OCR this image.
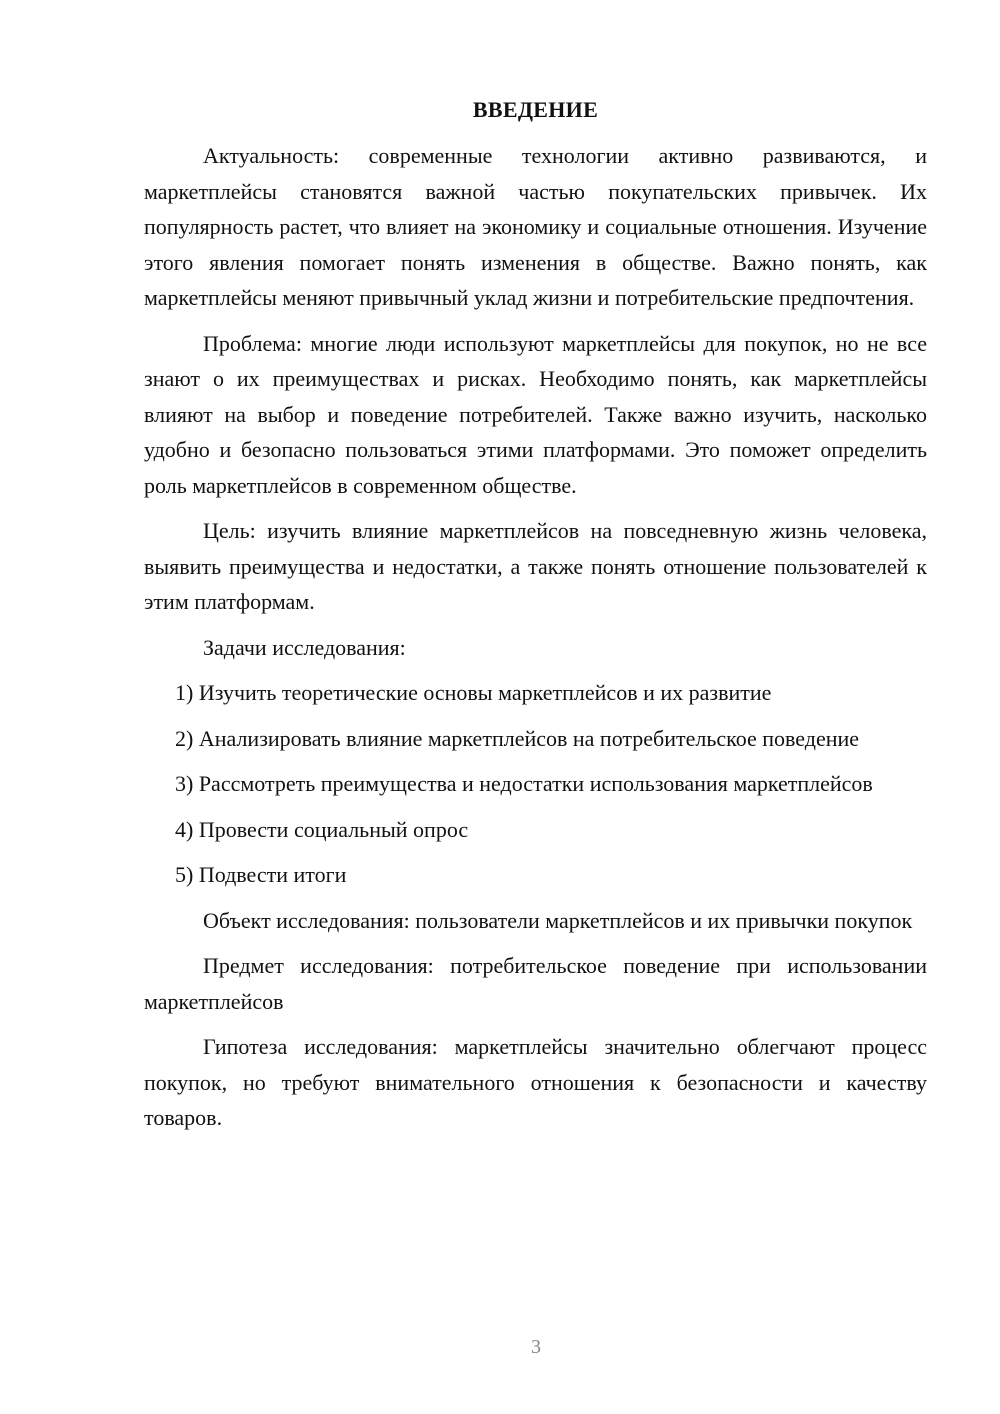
ВВЕДЕНИЕ

Актуальность: современные технологии активно развиваются, и маркетплейсы становятся важной частью покупательских привычек. Их популярность растет, что влияет на экономику и социальные отношения. Изучение этого явления помогает понять изменения в обществе. Важно понять, как маркетплейсы меняют привычный уклад жизни и потребительские предпочтения.

Проблема: многие люди используют маркетплейсы для покупок, но не все знают о их преимуществах и рисках. Необходимо понять, как маркетплейсы влияют на выбор и поведение потребителей. Также важно изучить, насколько удобно и безопасно пользоваться этими платформами. Это поможет определить роль маркетплейсов в современном обществе.

Цель: изучить влияние маркетплейсов на повседневную жизнь человека, выявить преимущества и недостатки, а также понять отношение пользователей к этим платформам.

Задачи исследования:

1) Изучить теоретические основы маркетплейсов и их развитие

2) Анализировать влияние маркетплейсов на потребительское поведение

3) Рассмотреть преимущества и недостатки использования маркетплейсов

4) Провести социальный опрос

5) Подвести итоги

Объект исследования: пользователи маркетплейсов и их привычки покупок

Предмет исследования: потребительское поведение при использовании маркетплейсов

Гипотеза исследования: маркетплейсы значительно облегчают процесс покупок, но требуют внимательного отношения к безопасности и качеству товаров.

3
